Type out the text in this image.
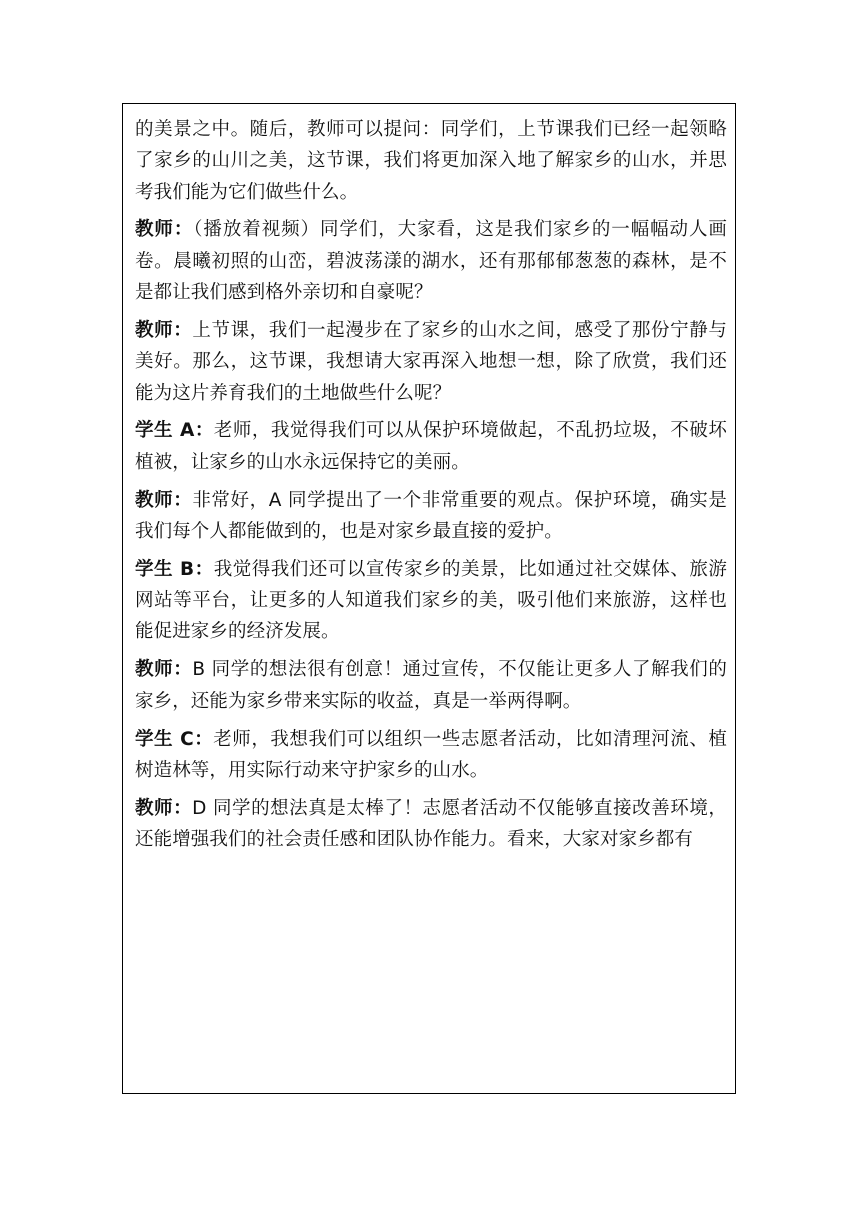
的美景之中。随后，教师可以提问：同学们，上节课我们已经一起领略了家乡的山川之美，这节课，我们将更加深入地了解家乡的山水，并思考我们能为它们做些什么。

教师：（播放着视频）同学们，大家看，这是我们家乡的一幅幅动人画卷。晨曦初照的山峦，碧波荡漾的湖水，还有那郁郁葱葱的森林，是不是都让我们感到格外亲切和自豪呢？

教师：上节课，我们一起漫步在了家乡的山水之间，感受了那份宁静与美好。那么，这节课，我想请大家再深入地想一想，除了欣赏，我们还能为这片养育我们的土地做些什么呢？

学生 A：老师，我觉得我们可以从保护环境做起，不乱扔垃圾，不破坏植被，让家乡的山水永远保持它的美丽。

教师：非常好，A 同学提出了一个非常重要的观点。保护环境，确实是我们每个人都能做到的，也是对家乡最直接的爱护。

学生 B：我觉得我们还可以宣传家乡的美景，比如通过社交媒体、旅游网站等平台，让更多的人知道我们家乡的美，吸引他们来旅游，这样也能促进家乡的经济发展。

教师：B 同学的想法很有创意！通过宣传，不仅能让更多人了解我们的家乡，还能为家乡带来实际的收益，真是一举两得啊。

学生 C：老师，我想我们可以组织一些志愿者活动，比如清理河流、植树造林等，用实际行动来守护家乡的山水。

教师：D 同学的想法真是太棒了！志愿者活动不仅能够直接改善环境，还能增强我们的社会责任感和团队协作能力。看来，大家对家乡都有
